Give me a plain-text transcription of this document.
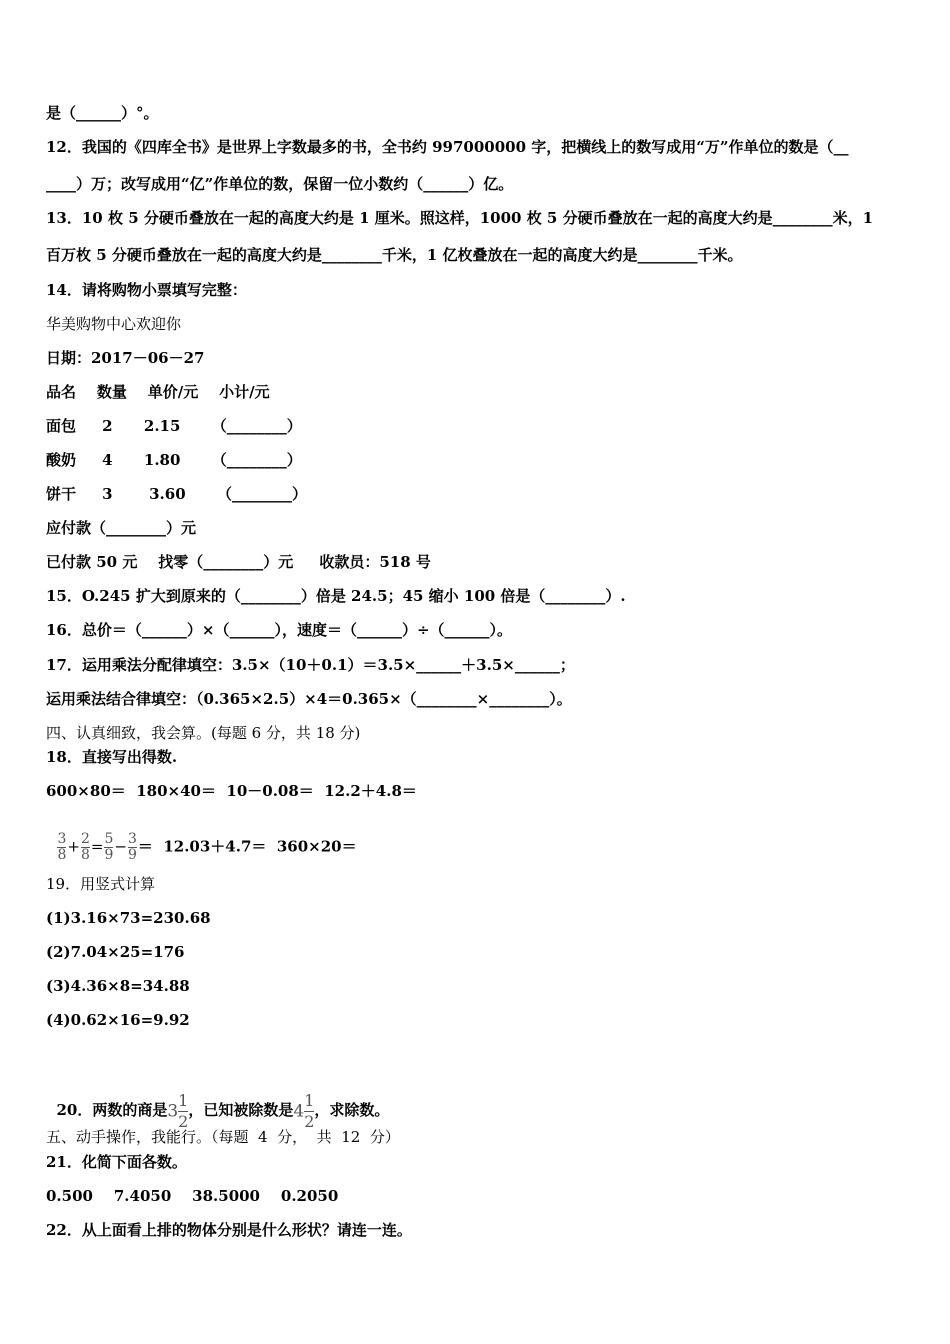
是（______）°。
12．我国的《四库全书》是世界上字数最多的书，全书约 997000000 字，把横线上的数写成用“万”作单位的数是（__
____）万；改写成用“亿”作单位的数，保留一位小数约（______）亿。
13．10 枚 5 分硬币叠放在一起的高度大约是 1 厘米。照这样，1000 枚 5 分硬币叠放在一起的高度大约是________米，1
百万枚 5 分硬币叠放在一起的高度大约是________千米，1 亿枚叠放在一起的高度大约是________千米。
14．请将购物小票填写完整：
华美购物中心欢迎你
日期：2017－06－27
品名    数量    单价/元    小计/元
面包     2      2.15      （________）
酸奶     4      1.80      （________）
饼干     3       3.60      （________）
应付款（________）元
已付款 50 元    找零（________）元     收款员：518 号
15．O.245 扩大到原来的（________）倍是 24.5；45 缩小 100 倍是（________）.
16．总价＝（______）×（______），速度＝（______）÷（______）。
17．运用乘法分配律填空：3.5×（10＋0.1）＝3.5×______＋3.5×______；
运用乘法结合律填空：（0.365×2.5）×4＝0.365×（________×________）。
四、认真细致，我会算。(每题 6 分，共 18 分)
18．直接写出得数.
600×80＝  180×40＝  10－0.08＝  12.2＋4.8＝

$\frac{3}{8} + \frac{2}{8} = \frac{5}{9} - \frac{3}{9} = 12.03+4.7= 360\times 20=$

19．用竖式计算
(1)3.16×73=230.68
(2)7.04×25=176
(3)4.36×8=34.88
(4)0.62×16=9.92

20．两数的商是$3 \frac{1}{2}$ ，已知被除数是$4 \frac{1}{2}$ ，求除数。

五、动手操作，我能行。（每题  4  分，  共  12  分）
21．化简下面各数。
0.500    7.4050    38.5000    0.2050
22．从上面看上排的物体分别是什么形状？请连一连。
